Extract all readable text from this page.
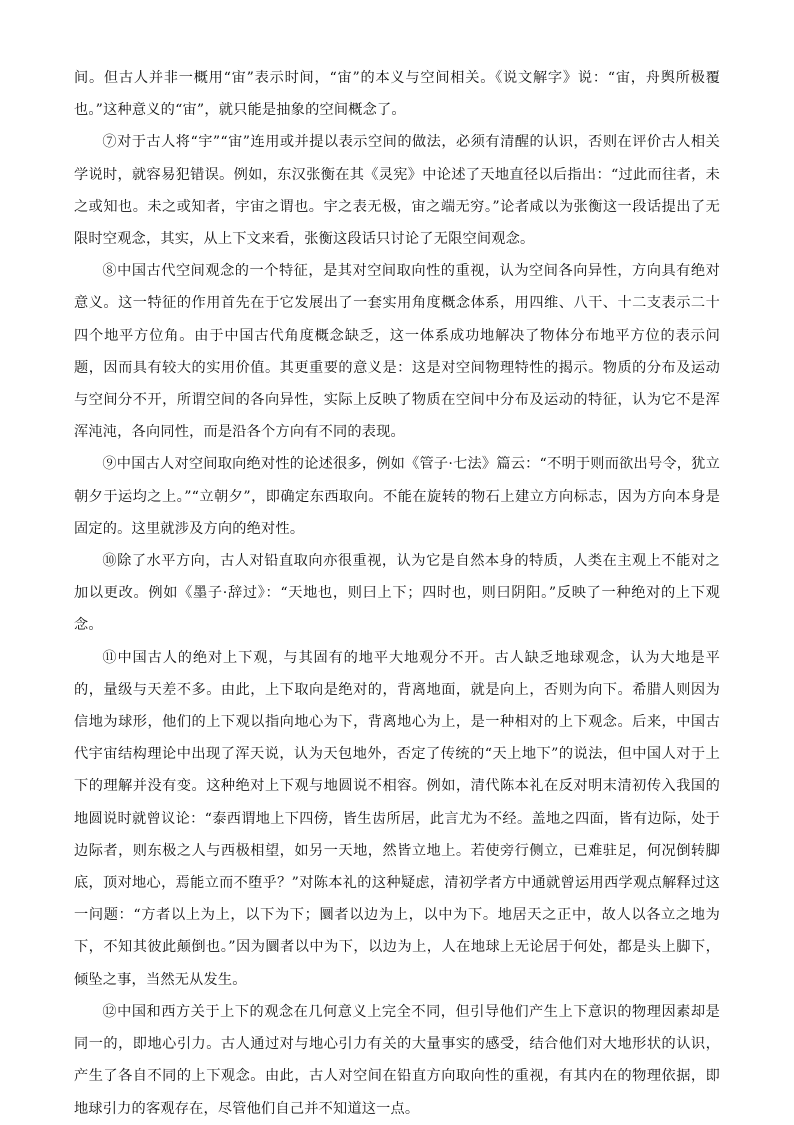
间。但古人并非一概用“宙”表示时间，“宙”的本义与空间相关。《说文解字》说：“宙，舟舆所极覆也。”这种意义的“宙”，就只能是抽象的空间概念了。

⑦对于古人将“宇”“宙”连用或并提以表示空间的做法，必须有清醒的认识，否则在评价古人相关学说时，就容易犯错误。例如，东汉张衡在其《灵宪》中论述了天地直径以后指出：“过此而往者，未之或知也。未之或知者，宇宙之谓也。宇之表无极，宙之端无穷。”论者咸以为张衡这一段话提出了无限时空观念，其实，从上下文来看，张衡这段话只讨论了无限空间观念。

⑧中国古代空间观念的一个特征，是其对空间取向性的重视，认为空间各向异性，方向具有绝对意义。这一特征的作用首先在于它发展出了一套实用角度概念体系，用四维、八干、十二支表示二十四个地平方位角。由于中国古代角度概念缺乏，这一体系成功地解决了物体分布地平方位的表示问题，因而具有较大的实用价值。其更重要的意义是：这是对空间物理特性的揭示。物质的分布及运动与空间分不开，所谓空间的各向异性，实际上反映了物质在空间中分布及运动的特征，认为它不是浑浑沌沌，各向同性，而是沿各个方向有不同的表现。

⑨中国古人对空间取向绝对性的论述很多，例如《管子·七法》篇云：“不明于则而欲出号令，犹立朝夕于运均之上。”“立朝夕”，即确定东西取向。不能在旋转的物石上建立方向标志，因为方向本身是固定的。这里就涉及方向的绝对性。

⑩除了水平方向，古人对铅直取向亦很重视，认为它是自然本身的特质，人类在主观上不能对之加以更改。例如《墨子·辞过》：“天地也，则曰上下；四时也，则曰阴阳。”反映了一种绝对的上下观念。

⑪中国古人的绝对上下观，与其固有的地平大地观分不开。古人缺乏地球观念，认为大地是平的，量级与天差不多。由此，上下取向是绝对的，背离地面，就是向上，否则为向下。希腊人则因为信地为球形，他们的上下观以指向地心为下，背离地心为上，是一种相对的上下观念。后来，中国古代宇宙结构理论中出现了浑天说，认为天包地外，否定了传统的“天上地下”的说法，但中国人对于上下的理解并没有变。这种绝对上下观与地圆说不相容。例如，清代陈本礼在反对明末清初传入我国的地圆说时就曾议论：“泰西谓地上下四傍，皆生齿所居，此言尤为不经。盖地之四面，皆有边际，处于边际者，则东极之人与西极相望，如另一天地，然皆立地上。若使旁行侧立，已难驻足，何况倒转脚底，顶对地心，焉能立而不堕乎？”对陈本礼的这种疑虑，清初学者方中通就曾运用西学观点解释过这一问题：“方者以上为上，以下为下；圜者以边为上，以中为下。地居天之正中，故人以各立之地为下，不知其彼此颠倒也。”因为圜者以中为下，以边为上，人在地球上无论居于何处，都是头上脚下，倾坠之事，当然无从发生。

⑫中国和西方关于上下的观念在几何意义上完全不同，但引导他们产生上下意识的物理因素却是同一的，即地心引力。古人通过对与地心引力有关的大量事实的感受，结合他们对大地形状的认识，产生了各自不同的上下观念。由此，古人对空间在铅直方向取向性的重视，有其内在的物理依据，即地球引力的客观存在，尽管他们自己并不知道这一点。
